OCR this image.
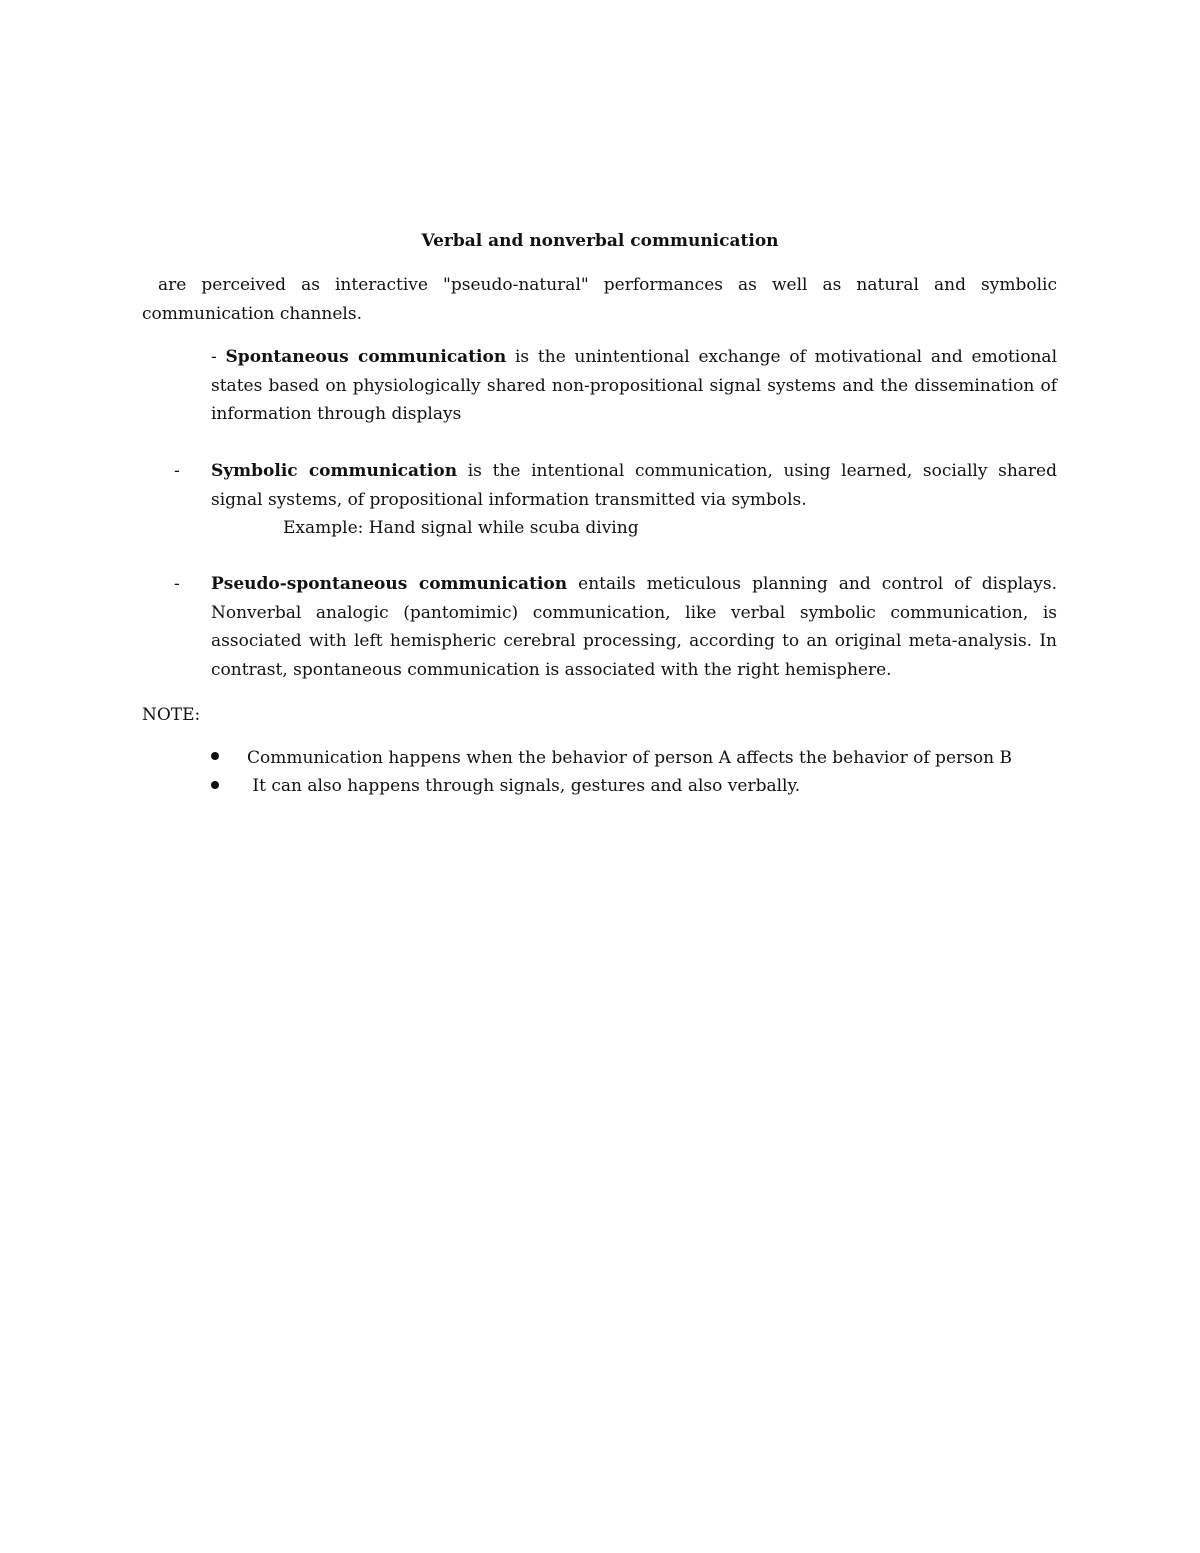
Verbal and nonverbal communication
are perceived as interactive "pseudo-natural" performances as well as natural and symbolic communication channels.
- Spontaneous communication is the unintentional exchange of motivational and emotional states based on physiologically shared non-propositional signal systems and the dissemination of information through displays
- Symbolic communication is the intentional communication, using learned, socially shared signal systems, of propositional information transmitted via symbols.
Example: Hand signal while scuba diving
- Pseudo-spontaneous communication entails meticulous planning and control of displays. Nonverbal analogic (pantomimic) communication, like verbal symbolic communication, is associated with left hemispheric cerebral processing, according to an original meta-analysis. In contrast, spontaneous communication is associated with the right hemisphere.
NOTE:
Communication happens when the behavior of person A affects the behavior of person B
It can also happens through signals, gestures and also verbally.
